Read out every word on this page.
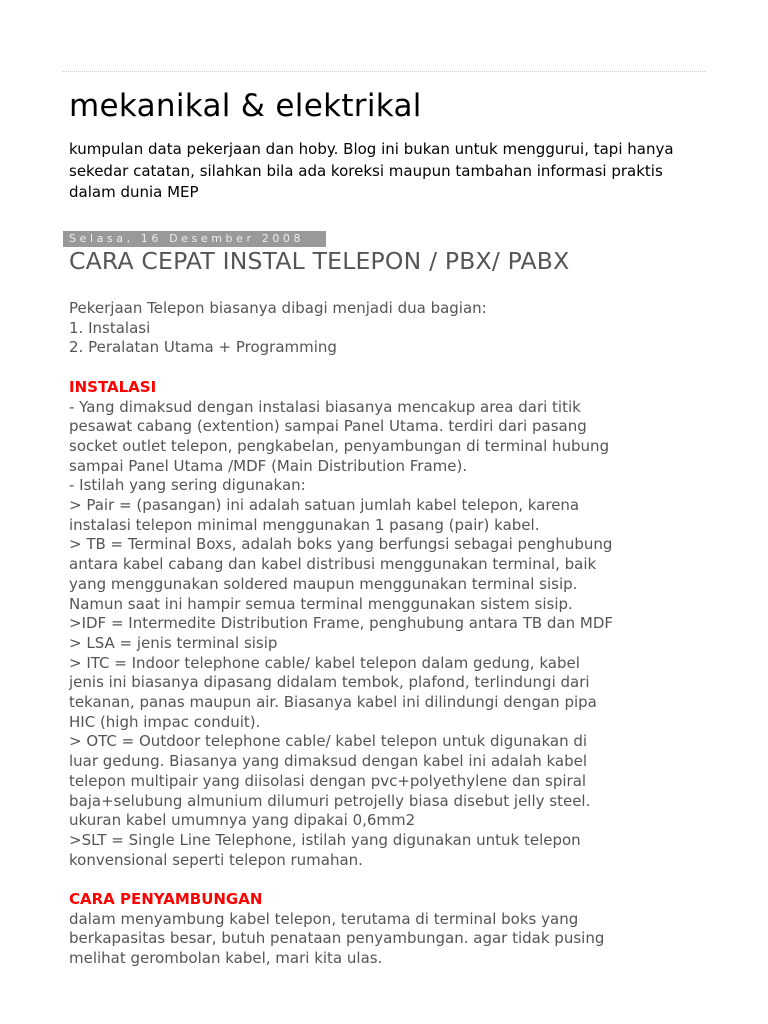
mekanikal & elektrikal

kumpulan data pekerjaan dan hoby. Blog ini bukan untuk menggurui, tapi hanya sekedar catatan, silahkan bila ada koreksi maupun tambahan informasi praktis dalam dunia MEP

Selasa, 16 Desember 2008
CARA CEPAT INSTAL TELEPON / PBX/ PABX
Pekerjaan Telepon biasanya dibagi menjadi dua bagian:
1. Instalasi
2. Peralatan Utama + Programming
INSTALASI
- Yang dimaksud dengan instalasi biasanya mencakup area dari titik
pesawat cabang (extention) sampai Panel Utama. terdiri dari pasang
socket outlet telepon, pengkabelan, penyambungan di terminal hubung
sampai Panel Utama /MDF (Main Distribution Frame).
- Istilah yang sering digunakan:
> Pair = (pasangan) ini adalah satuan jumlah kabel telepon, karena
instalasi telepon minimal menggunakan 1 pasang (pair) kabel.
> TB = Terminal Boxs, adalah boks yang berfungsi sebagai penghubung
antara kabel cabang dan kabel distribusi menggunakan terminal, baik
yang menggunakan soldered maupun menggunakan terminal sisip.
Namun saat ini hampir semua terminal menggunakan sistem sisip.
>IDF = Intermedite Distribution Frame, penghubung antara TB dan MDF
> LSA = jenis terminal sisip
> ITC = Indoor telephone cable/ kabel telepon dalam gedung, kabel
jenis ini biasanya dipasang didalam tembok, plafond, terlindungi dari
tekanan, panas maupun air. Biasanya kabel ini dilindungi dengan pipa
HIC (high impac conduit).
> OTC = Outdoor telephone cable/ kabel telepon untuk digunakan di
luar gedung. Biasanya yang dimaksud dengan kabel ini adalah kabel
telepon multipair yang diisolasi dengan pvc+polyethylene dan spiral
baja+selubung almunium dilumuri petrojelly biasa disebut jelly steel.
ukuran kabel umumnya yang dipakai 0,6mm2
>SLT = Single Line Telephone, istilah yang digunakan untuk telepon
konvensional seperti telepon rumahan.
CARA PENYAMBUNGAN
dalam menyambung kabel telepon, terutama di terminal boks yang
berkapasitas besar, butuh penataan penyambungan. agar tidak pusing
melihat gerombolan kabel, mari kita ulas.
